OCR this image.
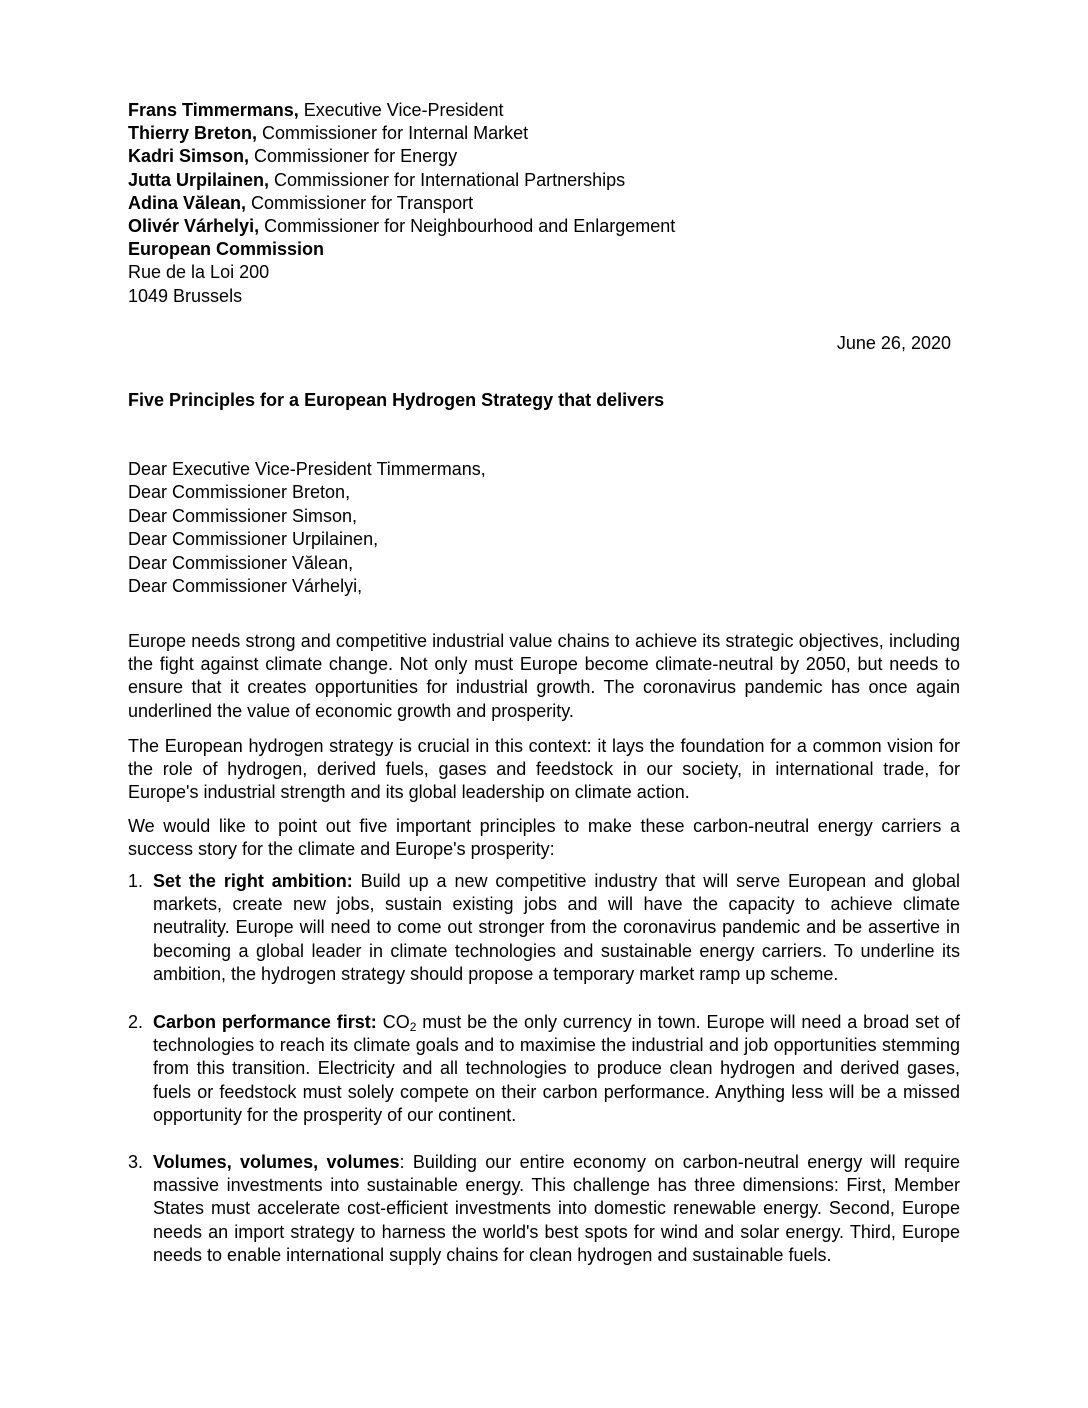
Frans Timmermans, Executive Vice-President
Thierry Breton, Commissioner for Internal Market
Kadri Simson, Commissioner for Energy
Jutta Urpilainen, Commissioner for International Partnerships
Adina Vălean, Commissioner for Transport
Olivér Várhelyi, Commissioner for Neighbourhood and Enlargement
European Commission
Rue de la Loi 200
1049 Brussels
June 26, 2020
Five Principles for a European Hydrogen Strategy that delivers
Dear Executive Vice-President Timmermans,
Dear Commissioner Breton,
Dear Commissioner Simson,
Dear Commissioner Urpilainen,
Dear Commissioner Vălean,
Dear Commissioner Várhelyi,
Europe needs strong and competitive industrial value chains to achieve its strategic objectives, including the fight against climate change. Not only must Europe become climate-neutral by 2050, but needs to ensure that it creates opportunities for industrial growth. The coronavirus pandemic has once again underlined the value of economic growth and prosperity.
The European hydrogen strategy is crucial in this context: it lays the foundation for a common vision for the role of hydrogen, derived fuels, gases and feedstock in our society, in international trade, for Europe's industrial strength and its global leadership on climate action.
We would like to point out five important principles to make these carbon-neutral energy carriers a success story for the climate and Europe's prosperity:
1. Set the right ambition: Build up a new competitive industry that will serve European and global markets, create new jobs, sustain existing jobs and will have the capacity to achieve climate neutrality. Europe will need to come out stronger from the coronavirus pandemic and be assertive in becoming a global leader in climate technologies and sustainable energy carriers. To underline its ambition, the hydrogen strategy should propose a temporary market ramp up scheme.
2. Carbon performance first: $CO_2$ must be the only currency in town. Europe will need a broad set of technologies to reach its climate goals and to maximise the industrial and job opportunities stemming from this transition. Electricity and all technologies to produce clean hydrogen and derived gases, fuels or feedstock must solely compete on their carbon performance. Anything less will be a missed opportunity for the prosperity of our continent.
3. Volumes, volumes, volumes: Building our entire economy on carbon-neutral energy will require massive investments into sustainable energy. This challenge has three dimensions: First, Member States must accelerate cost-efficient investments into domestic renewable energy. Second, Europe needs an import strategy to harness the world's best spots for wind and solar energy. Third, Europe needs to enable international supply chains for clean hydrogen and sustainable fuels.
